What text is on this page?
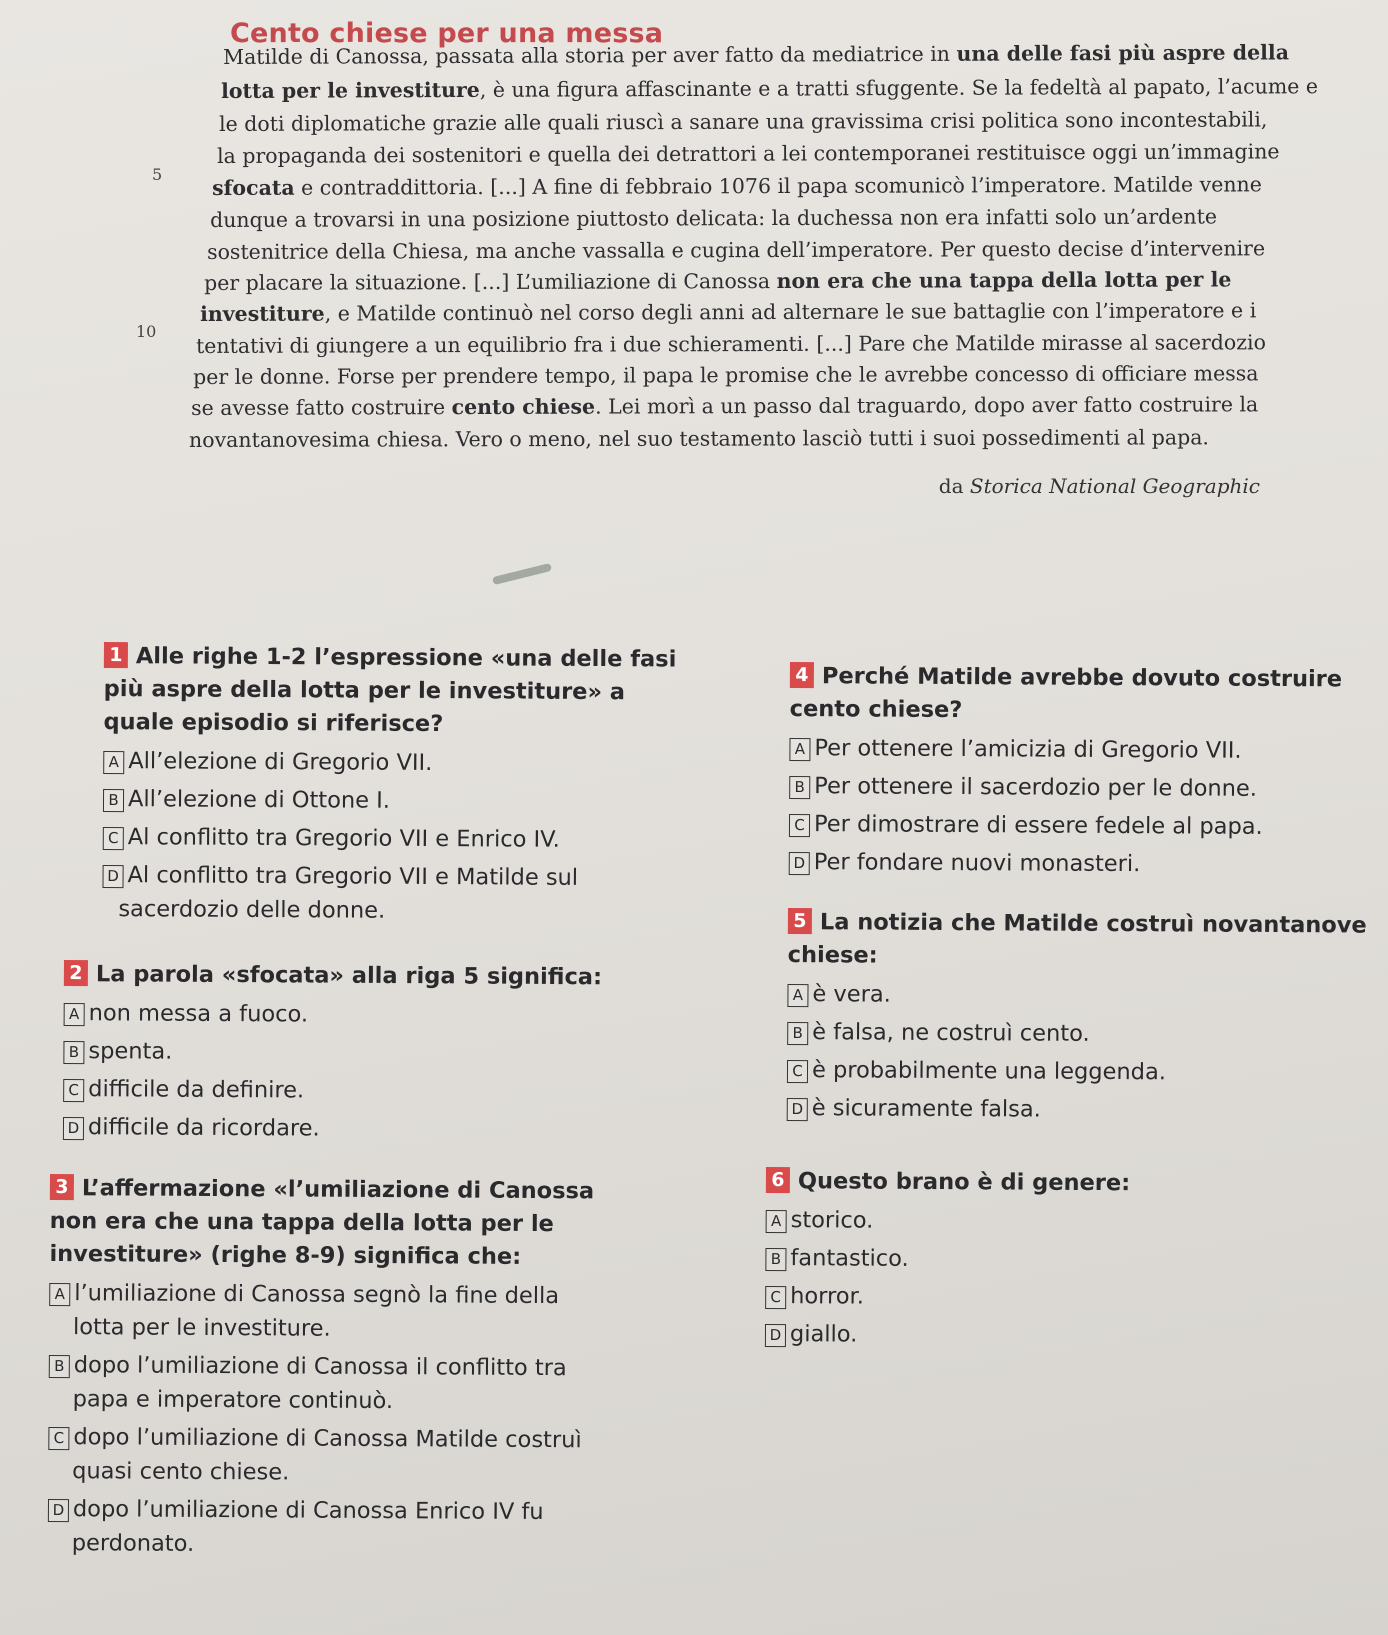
Cento chiese per una messa
Matilde di Canossa, passata alla storia per aver fatto da mediatrice in una delle fasi più aspre della
lotta per le investiture, è una figura affascinante e a tratti sfuggente. Se la fedeltà al papato, l’acume e
le doti diplomatiche grazie alle quali riuscì a sanare una gravissima crisi politica sono incontestabili,
la propaganda dei sostenitori e quella dei detrattori a lei contemporanei restituisce oggi un’immagine
sfocata e contraddittoria. [...] A fine di febbraio 1076 il papa scomunicò l’imperatore. Matilde venne
dunque a trovarsi in una posizione piuttosto delicata: la duchessa non era infatti solo un’ardente
sostenitrice della Chiesa, ma anche vassalla e cugina dell’imperatore. Per questo decise d’intervenire
per placare la situazione. [...] L’umiliazione di Canossa non era che una tappa della lotta per le
investiture, e Matilde continuò nel corso degli anni ad alternare le sue battaglie con l’imperatore e i
tentativi di giungere a un equilibrio fra i due schieramenti. [...] Pare che Matilde mirasse al sacerdozio
per le donne. Forse per prendere tempo, il papa le promise che le avrebbe concesso di officiare messa
se avesse fatto costruire cento chiese. Lei morì a un passo dal traguardo, dopo aver fatto costruire la
novantanovesima chiesa. Vero o meno, nel suo testamento lasciò tutti i suoi possedimenti al papa.
5
10
da Storica National Geographic
1 Alle righe 1-2 l’espressione «una delle fasi
più aspre della lotta per le investiture» a
quale episodio si riferisce?
A All’elezione di Gregorio VII.
B All’elezione di Ottone I.
C Al conflitto tra Gregorio VII e Enrico IV.
D Al conflitto tra Gregorio VII e Matilde sul
sacerdozio delle donne.
2 La parola «sfocata» alla riga 5 significa:
A non messa a fuoco.
B spenta.
C difficile da definire.
D difficile da ricordare.
3 L’affermazione «l’umiliazione di Canossa
non era che una tappa della lotta per le
investiture» (righe 8-9) significa che:
A l’umiliazione di Canossa segnò la fine della
lotta per le investiture.
B dopo l’umiliazione di Canossa il conflitto tra
papa e imperatore continuò.
C dopo l’umiliazione di Canossa Matilde costruì
quasi cento chiese.
D dopo l’umiliazione di Canossa Enrico IV fu
perdonato.
4 Perché Matilde avrebbe dovuto costruire
cento chiese?
A Per ottenere l’amicizia di Gregorio VII.
B Per ottenere il sacerdozio per le donne.
C Per dimostrare di essere fedele al papa.
D Per fondare nuovi monasteri.
5 La notizia che Matilde costruì novantanove
chiese:
A è vera.
B è falsa, ne costruì cento.
C è probabilmente una leggenda.
D è sicuramente falsa.
6 Questo brano è di genere:
A storico.
B fantastico.
C horror.
D giallo.
